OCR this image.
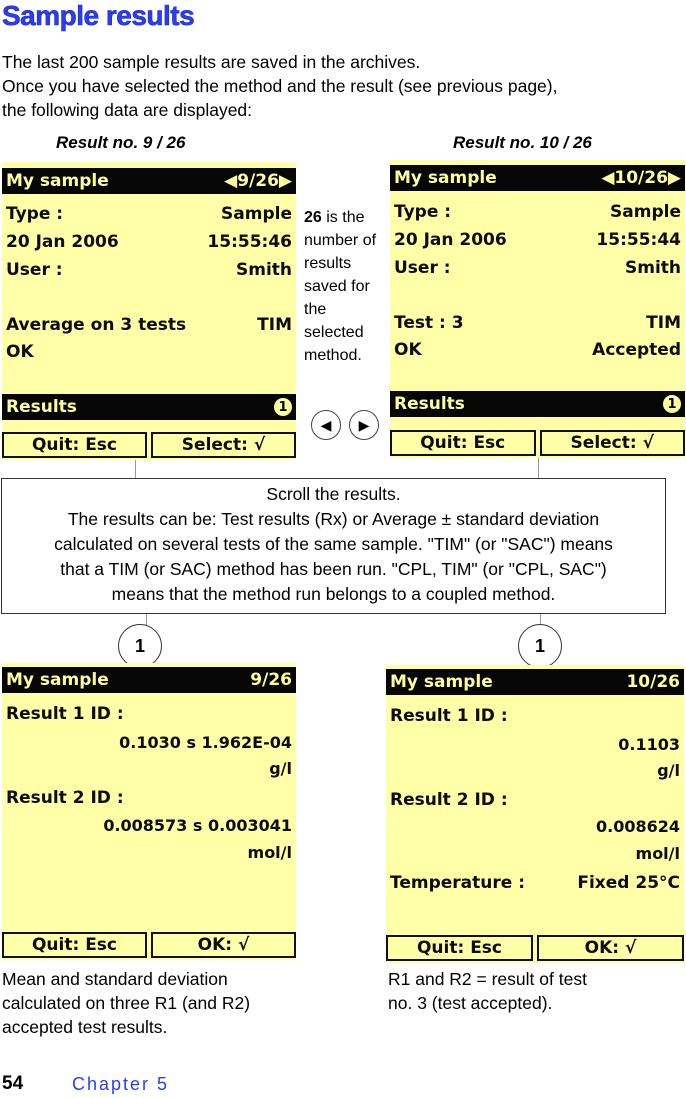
Sample results
The last 200 sample results are saved in the archives.
Once you have selected the method and the result (see previous page),
the following data are displayed:
Result no. 9 / 26	Result no. 10 / 26
My sample	◀9/26▶
Type :	Sample
20 Jan 2006	15:55:46
User :	Smith
Average on 3 tests	TIM
OK
Results	1
Quit: Esc	Select: √
My sample	◀10/26▶
Type :	Sample
20 Jan 2006	15:55:44
User :	Smith
Test : 3	TIM
OK	Accepted
Results	1
Quit: Esc	Select: √
26 is the number of results saved for the selected method.
◀	▶
Scroll the results.
The results can be: Test results (Rx) or Average ± standard deviation
calculated on several tests of the same sample. "TIM" (or "SAC") means
that a TIM (or SAC) method has been run. "CPL, TIM" (or "CPL, SAC")
means that the method run belongs to a coupled method.
1	1
My sample	9/26
Result 1 ID :
0.1030 s 1.962E-04
g/l
Result 2 ID :
0.008573 s 0.003041
mol/l
Quit: Esc	OK: √
My sample	10/26
Result 1 ID :
0.1103
g/l
Result 2 ID :
0.008624
mol/l
Temperature :	Fixed 25°C
Quit: Esc	OK: √
Mean and standard deviation
calculated on three R1 (and R2)
accepted test results.
R1 and R2 = result of test
no. 3 (test accepted).
54	Chapter 5
